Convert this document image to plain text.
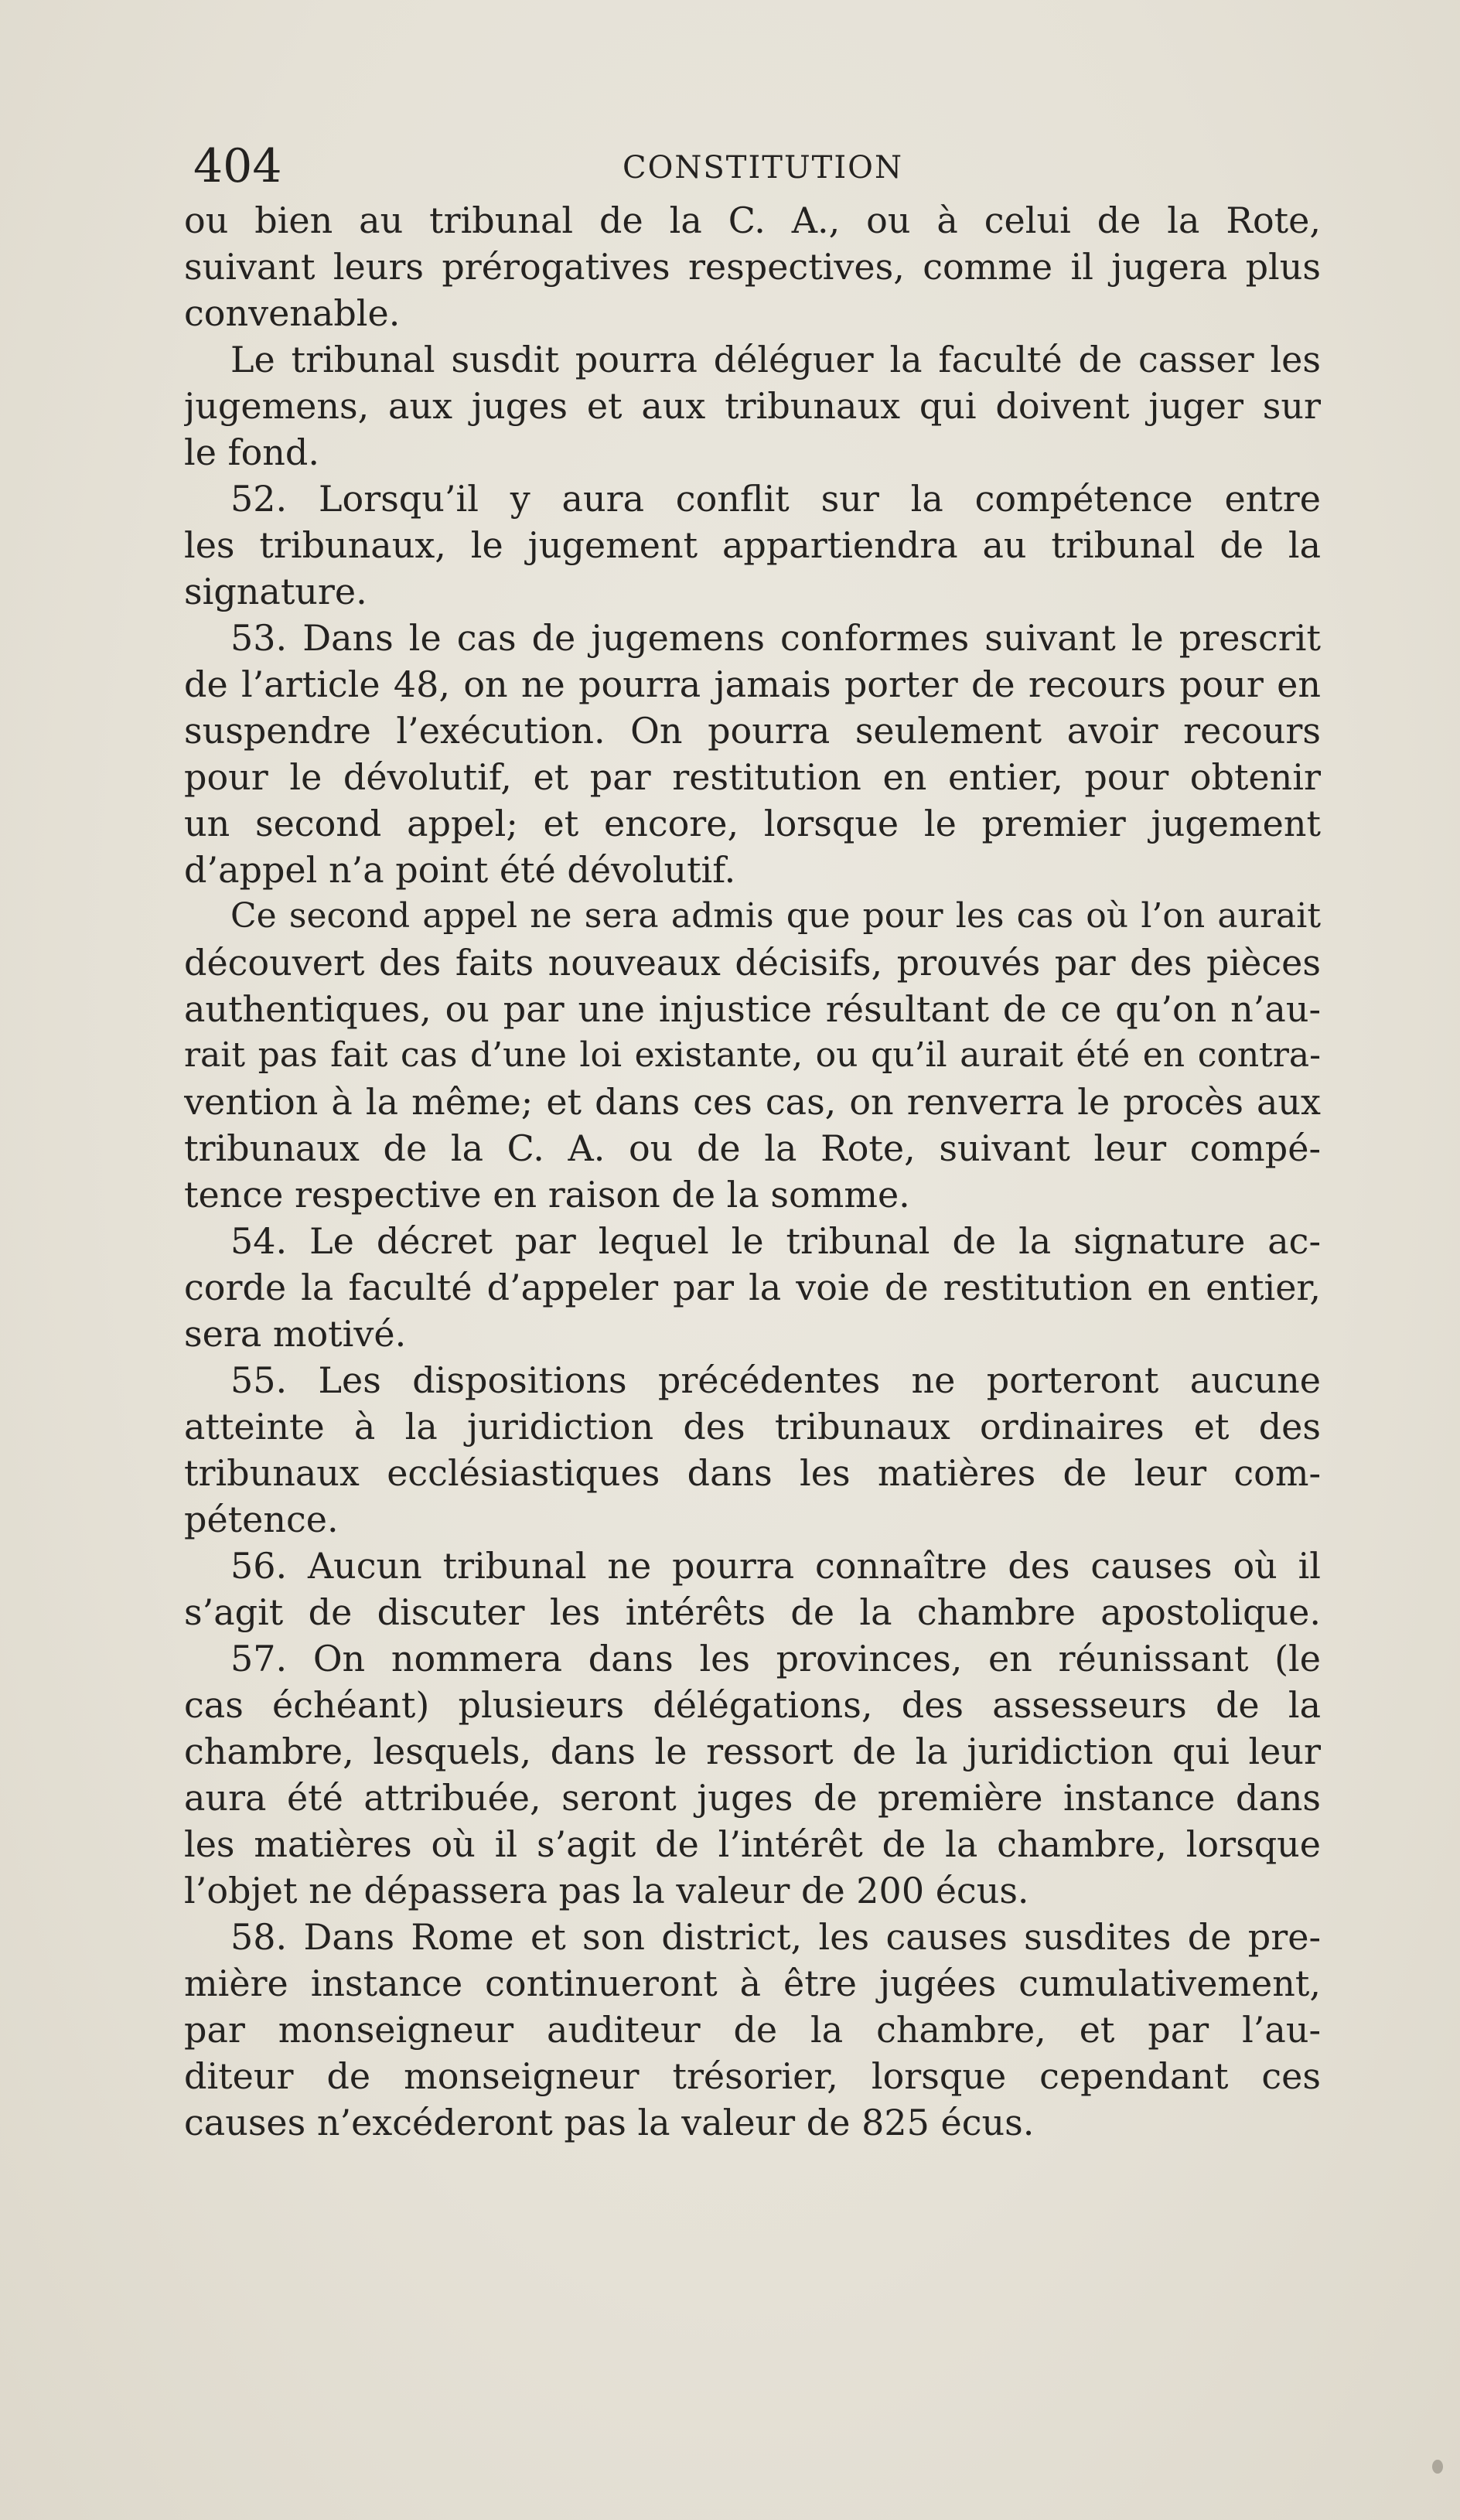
404	CONSTITUTION
ou bien au tribunal de la C. A., ou à celui de la Rote,
suivant leurs prérogatives respectives, comme il jugera plus
convenable.
Le tribunal susdit pourra déléguer la faculté de casser les
jugemens, aux juges et aux tribunaux qui doivent juger sur
le fond.
52. Lorsqu’il y aura conflit sur la compétence entre
les tribunaux, le jugement appartiendra au tribunal de la
signature.
53. Dans le cas de jugemens conformes suivant le prescrit
de l’article 48, on ne pourra jamais porter de recours pour en
suspendre l’exécution. On pourra seulement avoir recours
pour le dévolutif, et par restitution en entier, pour obtenir
un second appel; et encore, lorsque le premier jugement
d’appel n’a point été dévolutif.
Ce second appel ne sera admis que pour les cas où l’on aurait
découvert des faits nouveaux décisifs, prouvés par des pièces
authentiques, ou par une injustice résultant de ce qu’on n’au-
rait pas fait cas d’une loi existante, ou qu’il aurait été en contra-
vention à la même; et dans ces cas, on renverra le procès aux
tribunaux de la C. A. ou de la Rote, suivant leur compé-
tence respective en raison de la somme.
54. Le décret par lequel le tribunal de la signature ac-
corde la faculté d’appeler par la voie de restitution en entier,
sera motivé.
55. Les dispositions précédentes ne porteront aucune
atteinte à la juridiction des tribunaux ordinaires et des
tribunaux ecclésiastiques dans les matières de leur com-
pétence.
56. Aucun tribunal ne pourra connaître des causes où il
s’agit de discuter les intérêts de la chambre apostolique.
57. On nommera dans les provinces, en réunissant (le
cas échéant) plusieurs délégations, des assesseurs de la
chambre, lesquels, dans le ressort de la juridiction qui leur
aura été attribuée, seront juges de première instance dans
les matières où il s’agit de l’intérêt de la chambre, lorsque
l’objet ne dépassera pas la valeur de 200 écus.
58. Dans Rome et son district, les causes susdites de pre-
mière instance continueront à être jugées cumulativement,
par monseigneur auditeur de la chambre, et par l’au-
diteur de monseigneur trésorier, lorsque cependant ces
causes n’excéderont pas la valeur de 825 écus.
